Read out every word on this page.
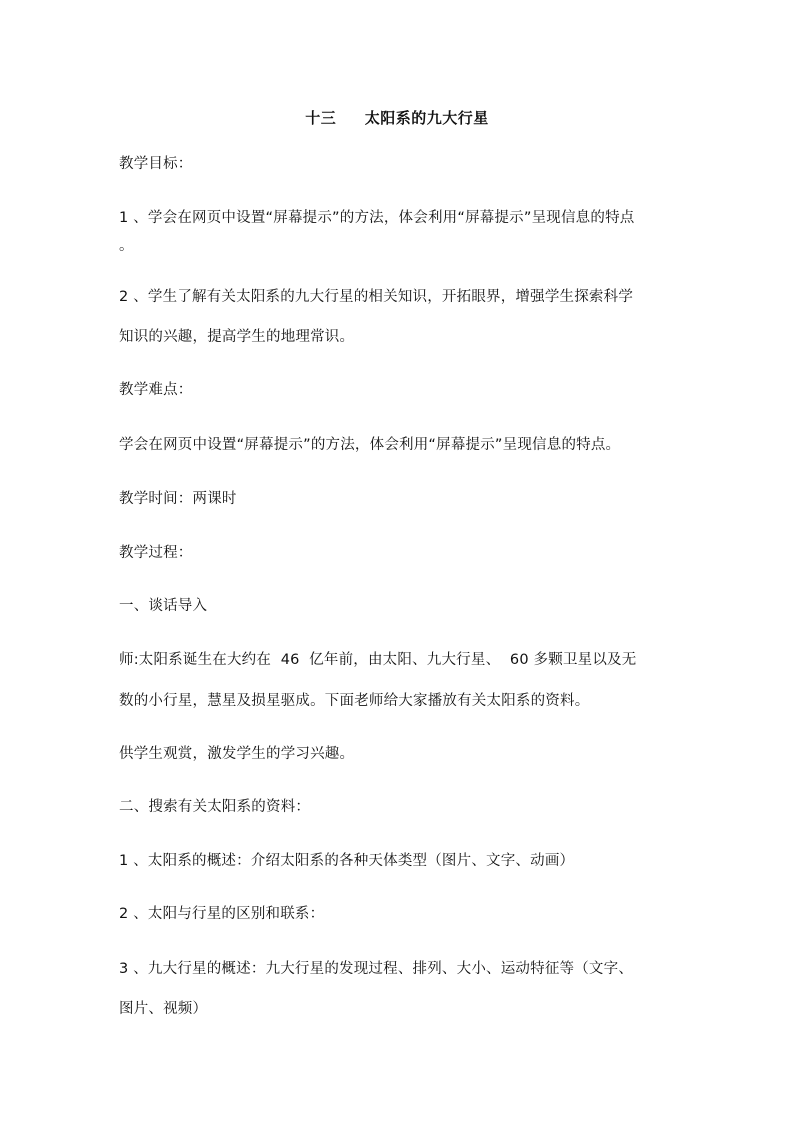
十三     太阳系的九大行星
教学目标：
1 、学会在网页中设置“屏幕提示”的方法，体会利用“屏幕提示”呈现信息的特点
。
2 、学生了解有关太阳系的九大行星的相关知识，开拓眼界，增强学生探索科学
知识的兴趣，提高学生的地理常识。
教学难点：
学会在网页中设置“屏幕提示”的方法，体会利用“屏幕提示”呈现信息的特点。
教学时间：两课时
教学过程：
一、谈话导入
师:太阳系诞生在大约在  46  亿年前，由太阳、九大行星、  60 多颗卫星以及无
数的小行星，慧星及损星驱成。下面老师给大家播放有关太阳系的资料。
供学生观赏，激发学生的学习兴趣。
二、搜索有关太阳系的资料：
1 、太阳系的概述：介绍太阳系的各种天体类型（图片、文字、动画）
2 、太阳与行星的区别和联系：
3 、九大行星的概述：九大行星的发现过程、排列、大小、运动特征等（文字、
图片、视频）
